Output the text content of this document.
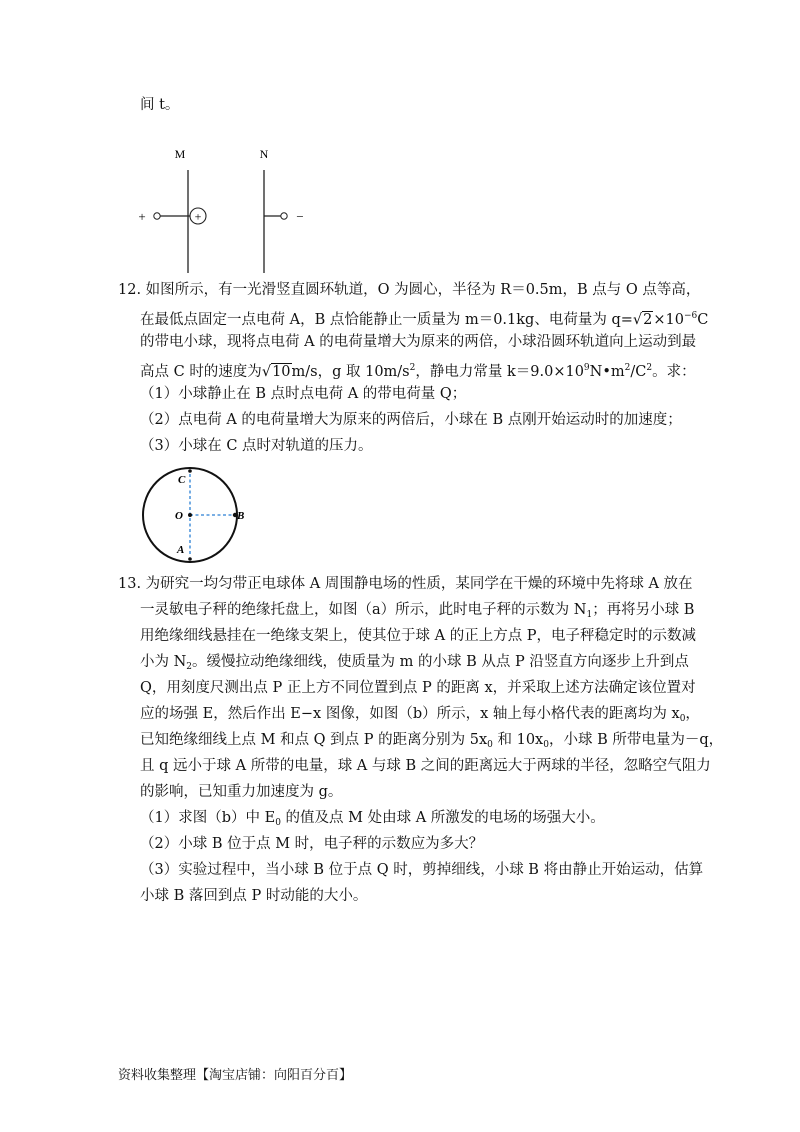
间 t。
M	N
+	+	−
12. 如图所示，有一光滑竖直圆环轨道，O 为圆心，半径为 R＝0.5m，B 点与 O 点等高，
在最低点固定一点电荷 A，B 点恰能静止一质量为 m＝0.1kg、电荷量为 $q=√2\times 10^{-6}C$
的带电小球，现将点电荷 A 的电荷量增大为原来的两倍，小球沿圆环轨道向上运动到最
高点 C 时的速度为√10m/s，g 取 $10m/s^2$，静电力常量 $k=9.0\times 10^9N•m^2/C^2$。求：
（1）小球静止在 B 点时点电荷 A 的带电荷量 Q；
（2）点电荷 A 的电荷量增大为原来的两倍后，小球在 B 点刚开始运动时的加速度；
（3）小球在 C 点时对轨道的压力。
C
O	B
A
13. 为研究一均匀带正电球体 A 周围静电场的性质，某同学在干燥的环境中先将球 A 放在
一灵敏电子秤的绝缘托盘上，如图（a）所示，此时电子秤的示数为 $N_1$；再将另小球 B
用绝缘细线悬挂在一绝缘支架上，使其位于球 A 的正上方点 P，电子秤稳定时的示数减
小为 $N_2$。缓慢拉动绝缘细线，使质量为 m 的小球 B 从点 P 沿竖直方向逐步上升到点
Q，用刻度尺测出点 P 正上方不同位置到点 P 的距离 x，并采取上述方法确定该位置对
应的场强 E，然后作出 E−x 图像，如图（b）所示，x 轴上每小格代表的距离均为 $x_0$，
已知绝缘细线上点 M 和点 Q 到点 P 的距离分别为 $5x_0$ 和 $10x_0$，小球 B 所带电量为－q，
且 q 远小于球 A 所带的电量，球 A 与球 B 之间的距离远大于两球的半径，忽略空气阻力
的影响，已知重力加速度为 g。
（1）求图（b）中 $E_0$ 的值及点 M 处由球 A 所激发的电场的场强大小。
（2）小球 B 位于点 M 时，电子秤的示数应为多大？
（3）实验过程中，当小球 B 位于点 Q 时，剪掉细线，小球 B 将由静止开始运动，估算
小球 B 落回到点 P 时动能的大小。
资料收集整理【淘宝店铺：向阳百分百】
